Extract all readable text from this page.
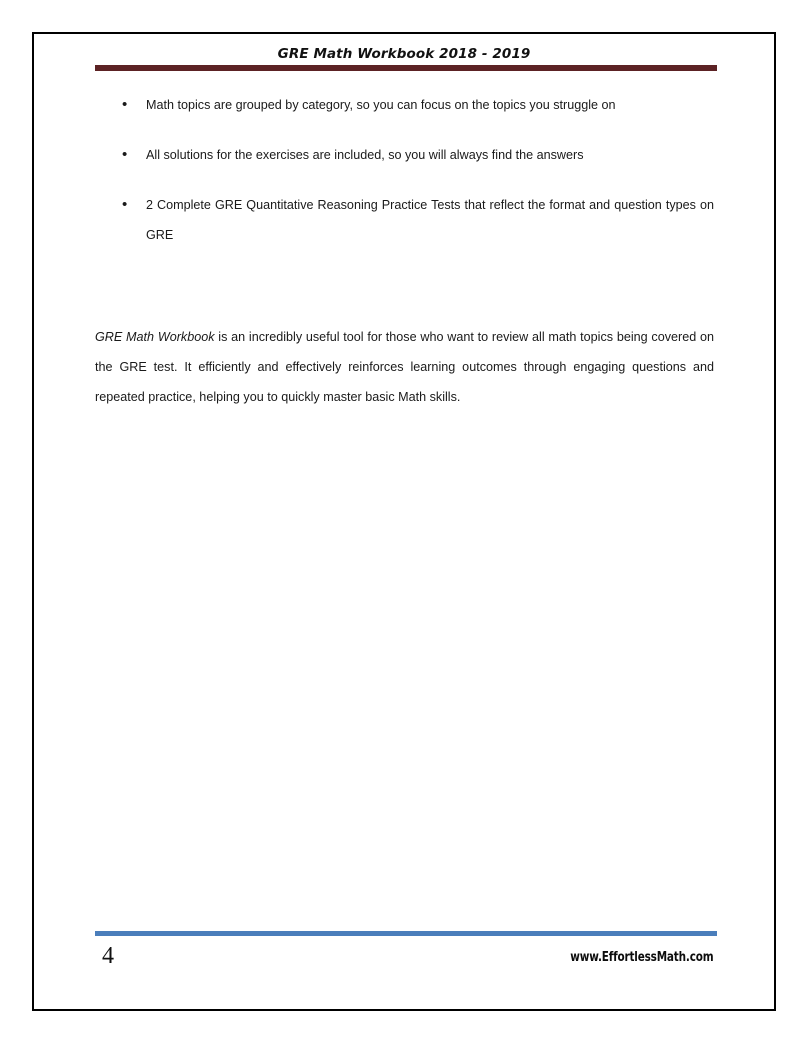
GRE Math Workbook 2018 - 2019
• Math topics are grouped by category, so you can focus on the topics you struggle on
• All solutions for the exercises are included, so you will always find the answers
• 2 Complete GRE Quantitative Reasoning Practice Tests that reflect the format and question types on GRE

GRE Math Workbook is an incredibly useful tool for those who want to review all math topics being covered on the GRE test. It efficiently and effectively reinforces learning outcomes through engaging questions and repeated practice, helping you to quickly master basic Math skills.

4	www.EffortlessMath.com
